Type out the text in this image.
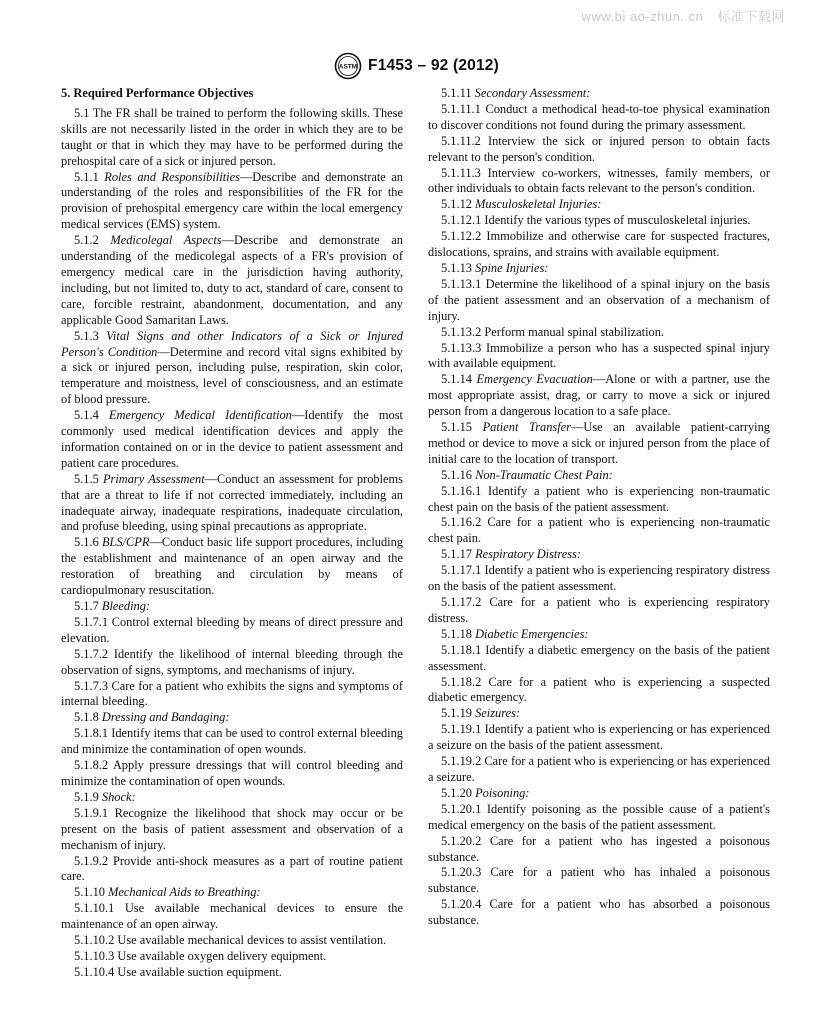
www.bi ao-zhun. cn 标准下载网
ASTM F1453 – 92 (2012)

5. Required Performance Objectives

5.1 The FR shall be trained to perform the following skills. These skills are not necessarily listed in the order in which they are to be taught or that in which they may have to be performed during the prehospital care of a sick or injured person.

5.1.1 Roles and Responsibilities—Describe and demonstrate an understanding of the roles and responsibilities of the FR for the provision of prehospital emergency care within the local emergency medical services (EMS) system.

5.1.2 Medicolegal Aspects—Describe and demonstrate an understanding of the medicolegal aspects of a FR's provision of emergency medical care in the jurisdiction having authority, including, but not limited to, duty to act, standard of care, consent to care, forcible restraint, abandonment, documentation, and any applicable Good Samaritan Laws.

5.1.3 Vital Signs and other Indicators of a Sick or Injured Person's Condition—Determine and record vital signs exhibited by a sick or injured person, including pulse, respiration, skin color, temperature and moistness, level of consciousness, and an estimate of blood pressure.

5.1.4 Emergency Medical Identification—Identify the most commonly used medical identification devices and apply the information contained on or in the device to patient assessment and patient care procedures.

5.1.5 Primary Assessment—Conduct an assessment for problems that are a threat to life if not corrected immediately, including an inadequate airway, inadequate respirations, inadequate circulation, and profuse bleeding, using spinal precautions as appropriate.

5.1.6 BLS/CPR—Conduct basic life support procedures, including the establishment and maintenance of an open airway and the restoration of breathing and circulation by means of cardiopulmonary resuscitation.

5.1.7 Bleeding:

5.1.7.1 Control external bleeding by means of direct pressure and elevation.

5.1.7.2 Identify the likelihood of internal bleeding through the observation of signs, symptoms, and mechanisms of injury.

5.1.7.3 Care for a patient who exhibits the signs and symptoms of internal bleeding.

5.1.8 Dressing and Bandaging:

5.1.8.1 Identify items that can be used to control external bleeding and minimize the contamination of open wounds.

5.1.8.2 Apply pressure dressings that will control bleeding and minimize the contamination of open wounds.

5.1.9 Shock:

5.1.9.1 Recognize the likelihood that shock may occur or be present on the basis of patient assessment and observation of a mechanism of injury.

5.1.9.2 Provide anti-shock measures as a part of routine patient care.

5.1.10 Mechanical Aids to Breathing:

5.1.10.1 Use available mechanical devices to ensure the maintenance of an open airway.

5.1.10.2 Use available mechanical devices to assist ventilation.

5.1.10.3 Use available oxygen delivery equipment.

5.1.10.4 Use available suction equipment.

5.1.11 Secondary Assessment:

5.1.11.1 Conduct a methodical head-to-toe physical examination to discover conditions not found during the primary assessment.

5.1.11.2 Interview the sick or injured person to obtain facts relevant to the person's condition.

5.1.11.3 Interview co-workers, witnesses, family members, or other individuals to obtain facts relevant to the person's condition.

5.1.12 Musculoskeletal Injuries:

5.1.12.1 Identify the various types of musculoskeletal injuries.

5.1.12.2 Immobilize and otherwise care for suspected fractures, dislocations, sprains, and strains with available equipment.

5.1.13 Spine Injuries:

5.1.13.1 Determine the likelihood of a spinal injury on the basis of the patient assessment and an observation of a mechanism of injury.

5.1.13.2 Perform manual spinal stabilization.

5.1.13.3 Immobilize a person who has a suspected spinal injury with available equipment.

5.1.14 Emergency Evacuation—Alone or with a partner, use the most appropriate assist, drag, or carry to move a sick or injured person from a dangerous location to a safe place.

5.1.15 Patient Transfer—Use an available patient-carrying method or device to move a sick or injured person from the place of initial care to the location of transport.

5.1.16 Non-Traumatic Chest Pain:

5.1.16.1 Identify a patient who is experiencing non-traumatic chest pain on the basis of the patient assessment.

5.1.16.2 Care for a patient who is experiencing non-traumatic chest pain.

5.1.17 Respiratory Distress:

5.1.17.1 Identify a patient who is experiencing respiratory distress on the basis of the patient assessment.

5.1.17.2 Care for a patient who is experiencing respiratory distress.

5.1.18 Diabetic Emergencies:

5.1.18.1 Identify a diabetic emergency on the basis of the patient assessment.

5.1.18.2 Care for a patient who is experiencing a suspected diabetic emergency.

5.1.19 Seizures:

5.1.19.1 Identify a patient who is experiencing or has experienced a seizure on the basis of the patient assessment.

5.1.19.2 Care for a patient who is experiencing or has experienced a seizure.

5.1.20 Poisoning:

5.1.20.1 Identify poisoning as the possible cause of a patient's medical emergency on the basis of the patient assessment.

5.1.20.2 Care for a patient who has ingested a poisonous substance.

5.1.20.3 Care for a patient who has inhaled a poisonous substance.

5.1.20.4 Care for a patient who has absorbed a poisonous substance.
